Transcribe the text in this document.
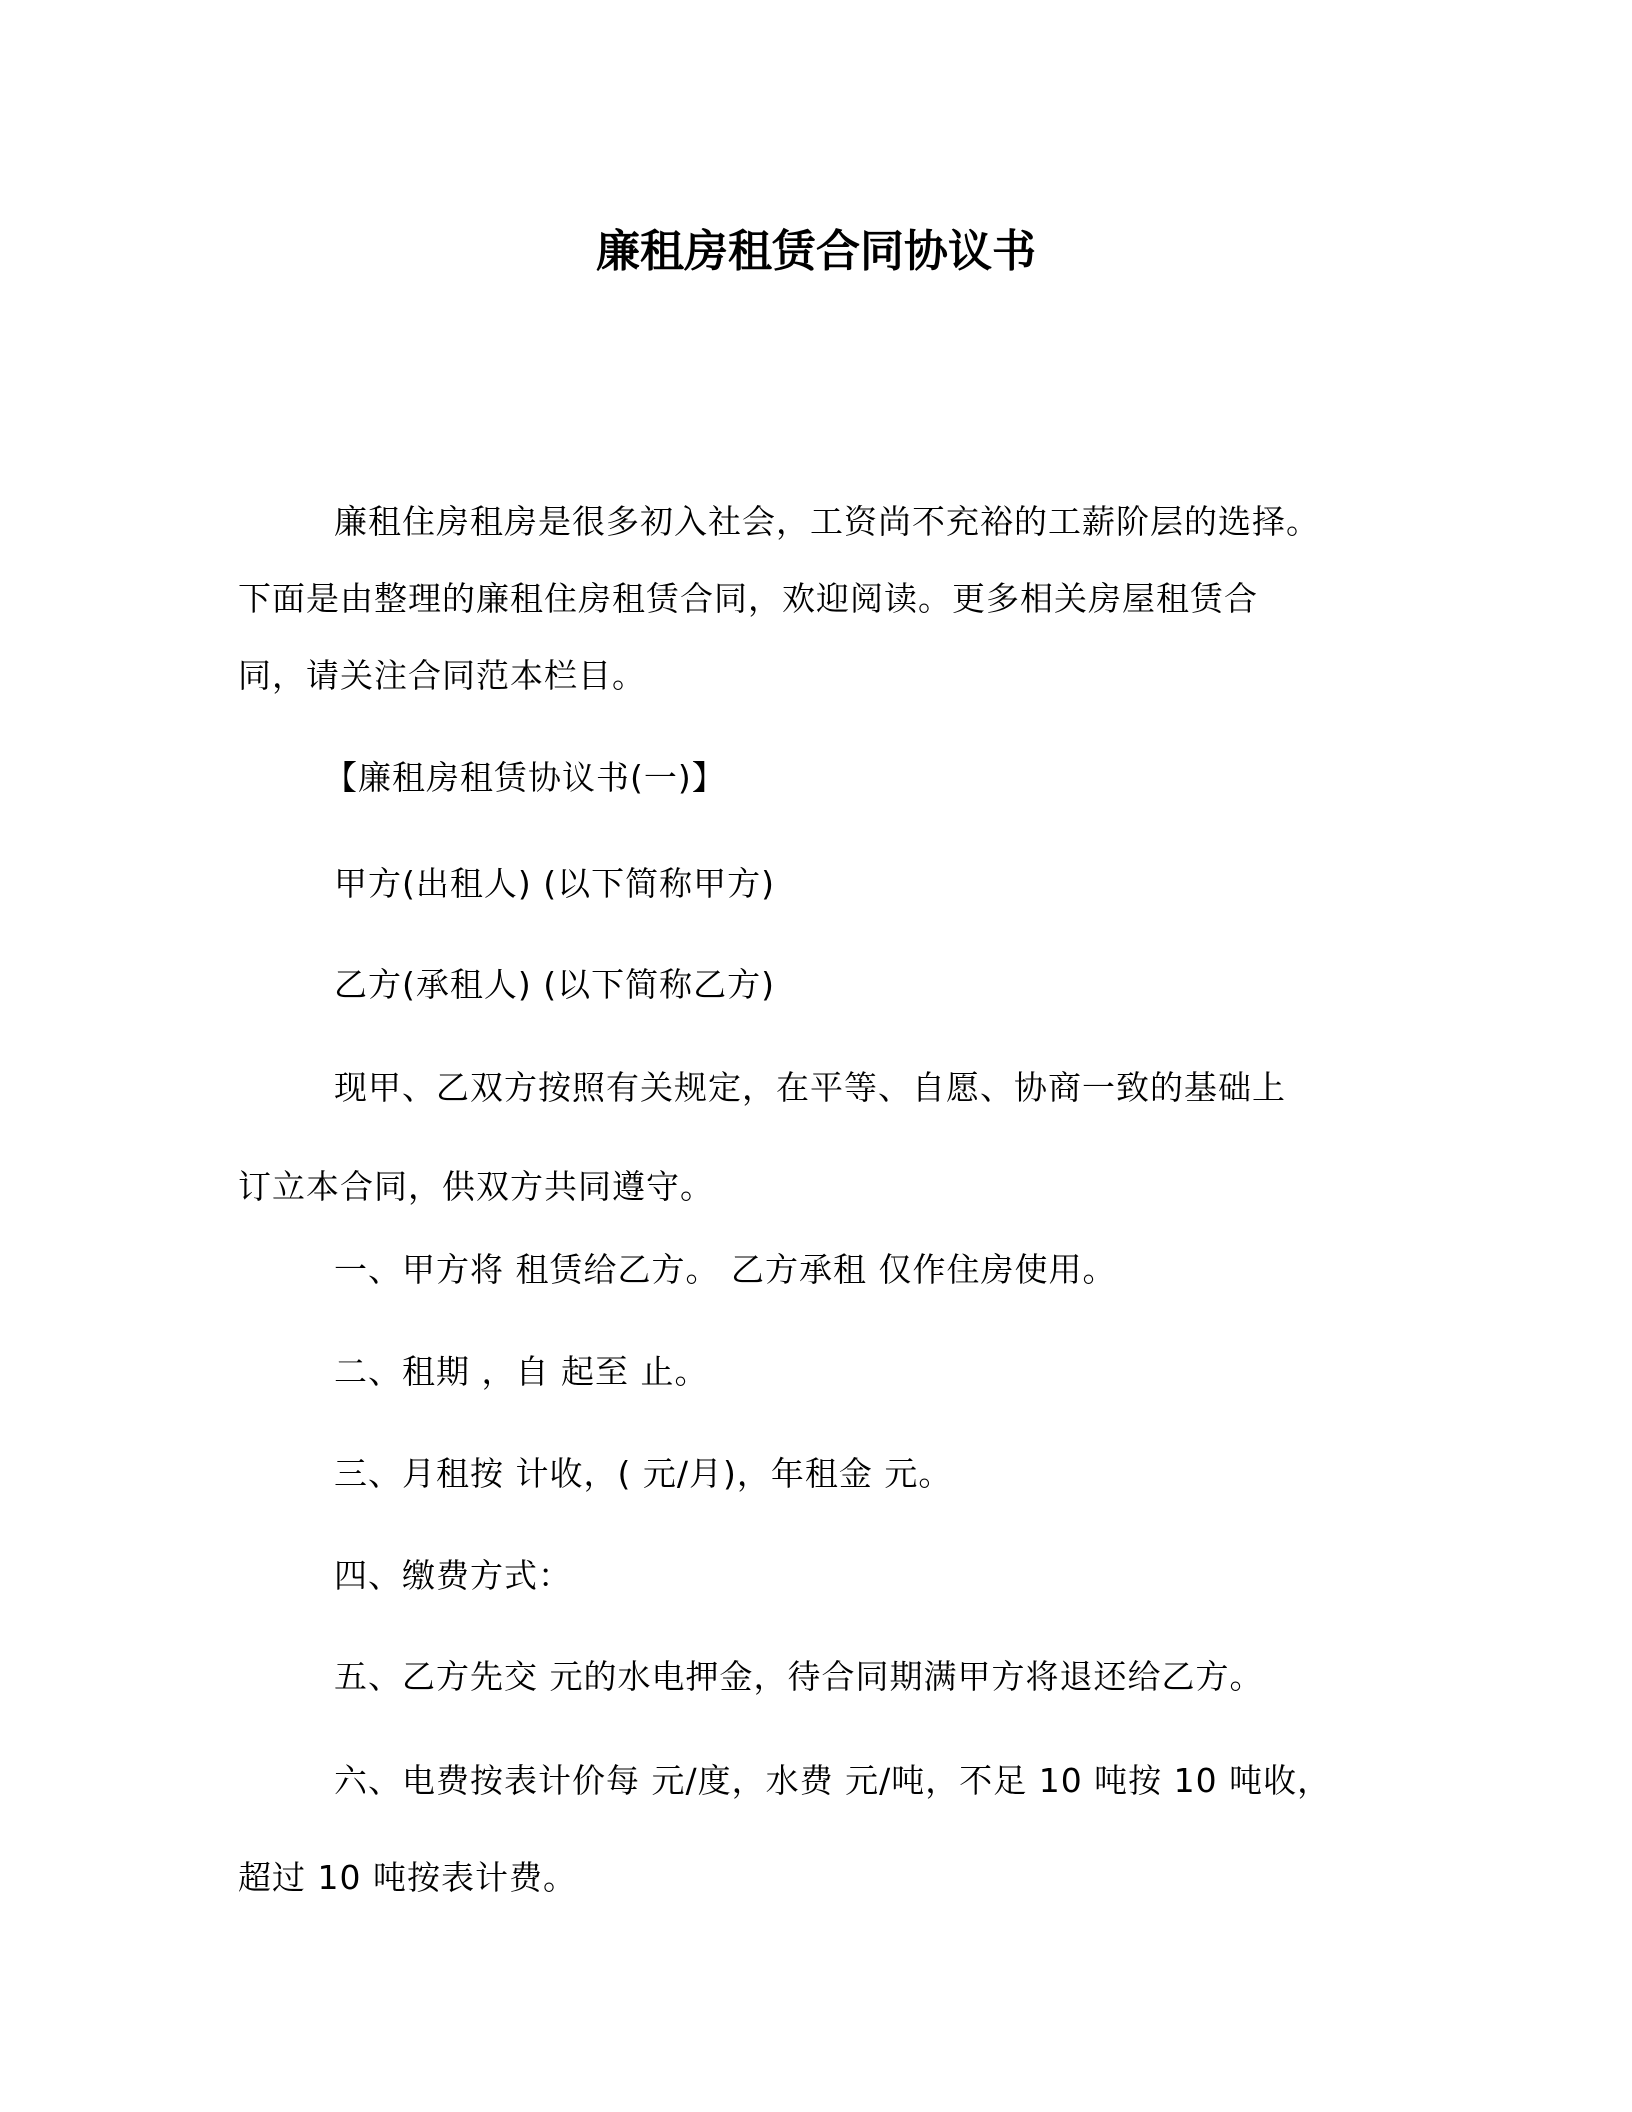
廉租房租赁合同协议书
廉租住房租房是很多初入社会，工资尚不充裕的工薪阶层的选择。
下面是由整理的廉租住房租赁合同，欢迎阅读。更多相关房屋租赁合
同，请关注合同范本栏目。
【廉租房租赁协议书(一)】
甲方(出租人) (以下简称甲方)
乙方(承租人) (以下简称乙方)
现甲、乙双方按照有关规定，在平等、自愿、协商一致的基础上
订立本合同，供双方共同遵守。
一、甲方将 租赁给乙方。 乙方承租 仅作住房使用。
二、租期 ，自 起至 止。
三、月租按 计收，( 元/月)，年租金 元。
四、缴费方式：
五、乙方先交 元的水电押金，待合同期满甲方将退还给乙方。
六、电费按表计价每 元/度，水费 元/吨，不足 10 吨按 10 吨收，
超过 10 吨按表计费。
